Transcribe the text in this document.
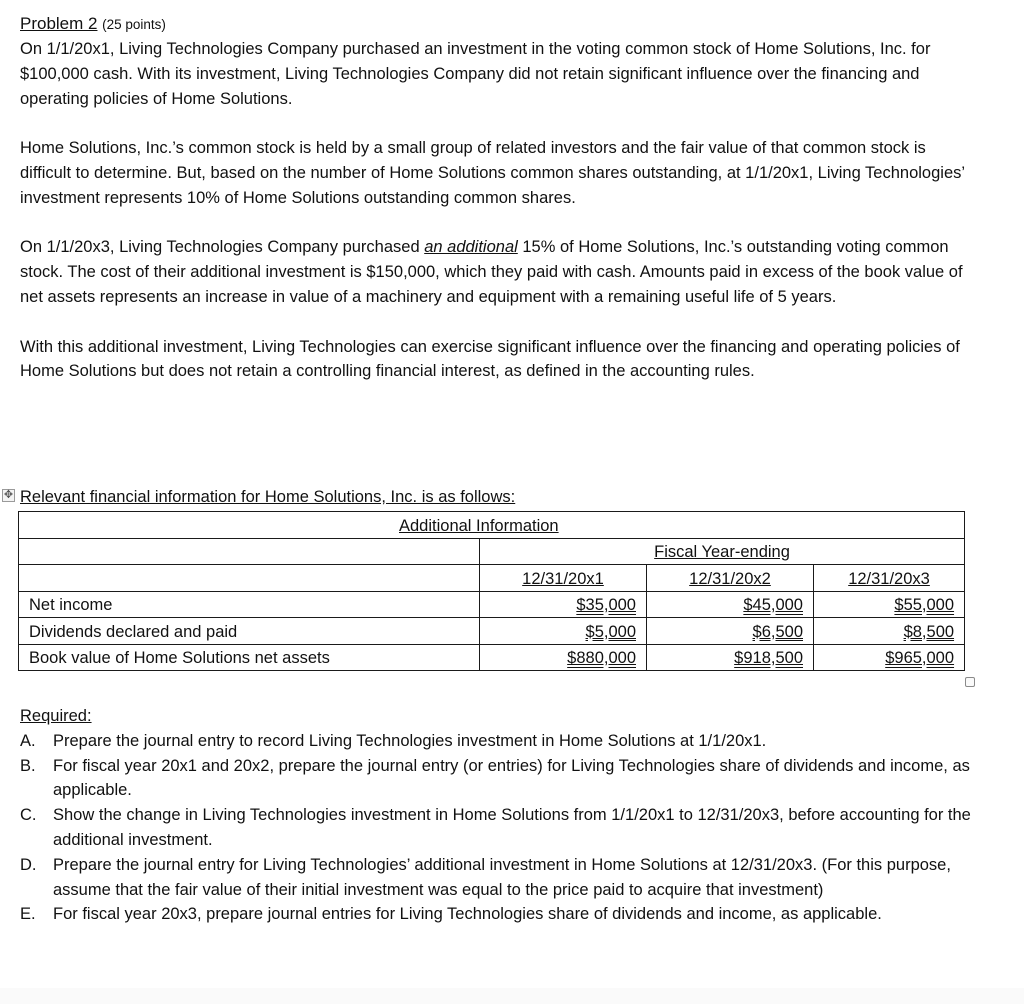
Problem 2 (25 points)

On 1/1/20x1, Living Technologies Company purchased an investment in the voting common stock of Home Solutions, Inc. for $100,000 cash. With its investment, Living Technologies Company did not retain significant influence over the financing and operating policies of Home Solutions.

Home Solutions, Inc.’s common stock is held by a small group of related investors and the fair value of that common stock is difficult to determine. But, based on the number of Home Solutions common shares outstanding, at 1/1/20x1, Living Technologies’ investment represents 10% of Home Solutions outstanding common shares.

On 1/1/20x3, Living Technologies Company purchased an additional 15% of Home Solutions, Inc.’s outstanding voting common stock. The cost of their additional investment is $150,000, which they paid with cash. Amounts paid in excess of the book value of net assets represents an increase in value of a machinery and equipment with a remaining useful life of 5 years.

With this additional investment, Living Technologies can exercise significant influence over the financing and operating policies of Home Solutions but does not retain a controlling financial interest, as defined in the accounting rules.

✥ Relevant financial information for Home Solutions, Inc. is as follows:
Additional Information			
	Fiscal Year-ending		
	12/31/20x1	12/31/20x2	12/31/20x3
Net income	$35,000	$45,000	$55,000
Dividends declared and paid	$5,000	$6,500	$8,500
Book value of Home Solutions net assets	$880,000	$918,500	$965,000

Required:

A. Prepare the journal entry to record Living Technologies investment in Home Solutions at 1/1/20x1.
B. For fiscal year 20x1 and 20x2, prepare the journal entry (or entries) for Living Technologies share of dividends and income, as applicable.
C. Show the change in Living Technologies investment in Home Solutions from 1/1/20x1 to 12/31/20x3, before accounting for the additional investment.
D. Prepare the journal entry for Living Technologies’ additional investment in Home Solutions at 12/31/20x3. (For this purpose, assume that the fair value of their initial investment was equal to the price paid to acquire that investment)
E. For fiscal year 20x3, prepare journal entries for Living Technologies share of dividends and income, as applicable.
